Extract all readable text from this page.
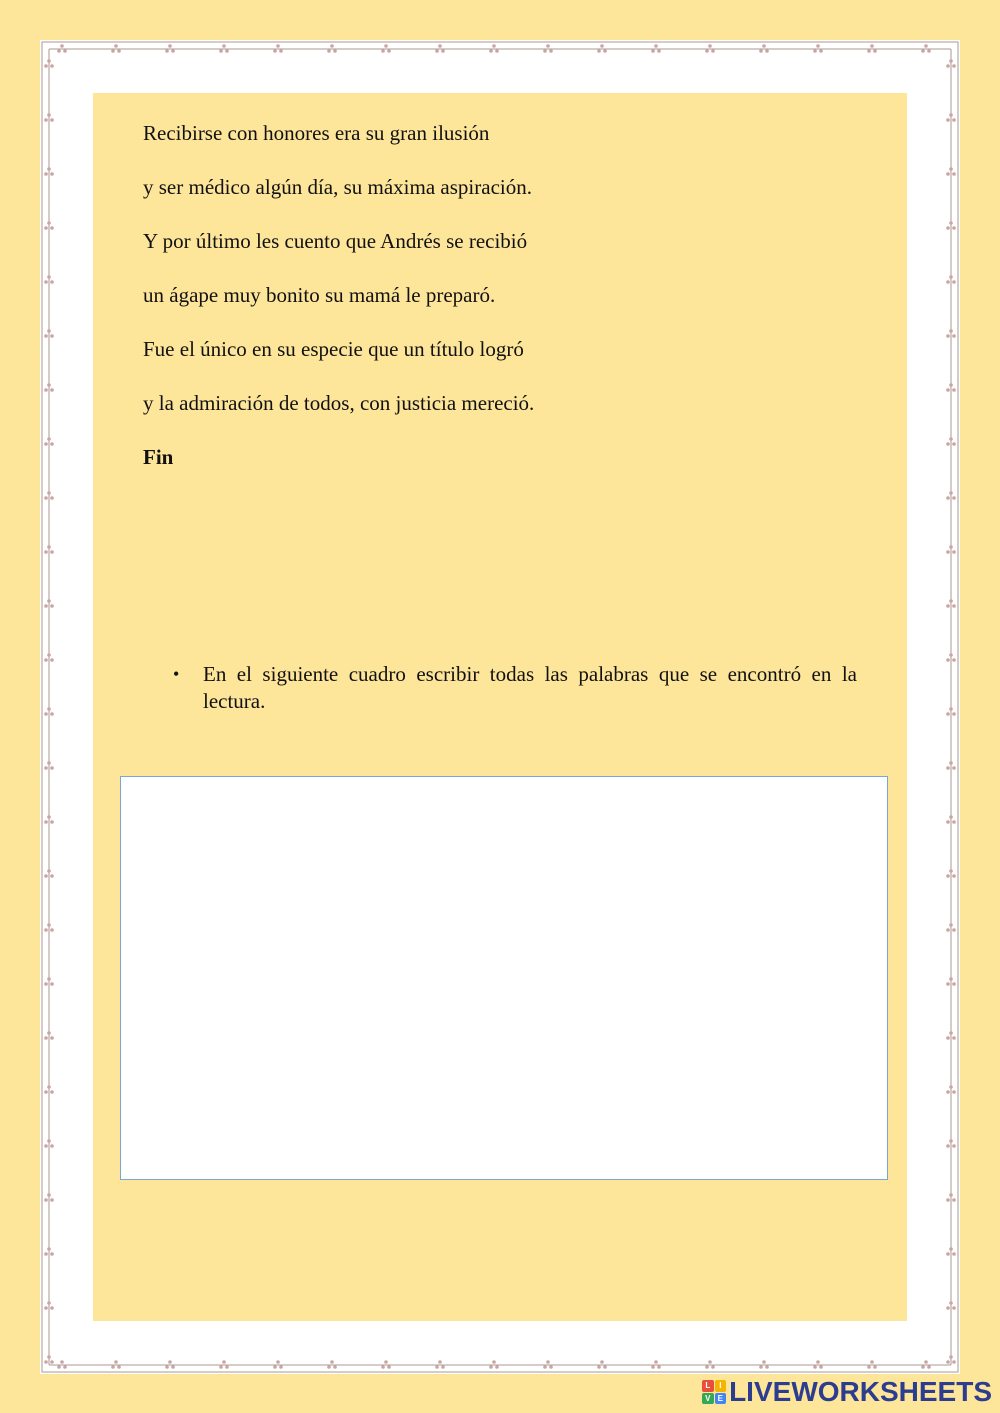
Recibirse con honores era su gran ilusión
y ser médico algún día, su máxima aspiración.
Y por último les cuento que Andrés se recibió
un ágape muy bonito su mamá le preparó.
Fue el único en su especie que un título logró
y la admiración de todos, con justicia mereció.
Fin
•	En el siguiente cuadro escribir todas las palabras que se encontró en la lectura.
L	I
V E LIVEWORKSHEETS
